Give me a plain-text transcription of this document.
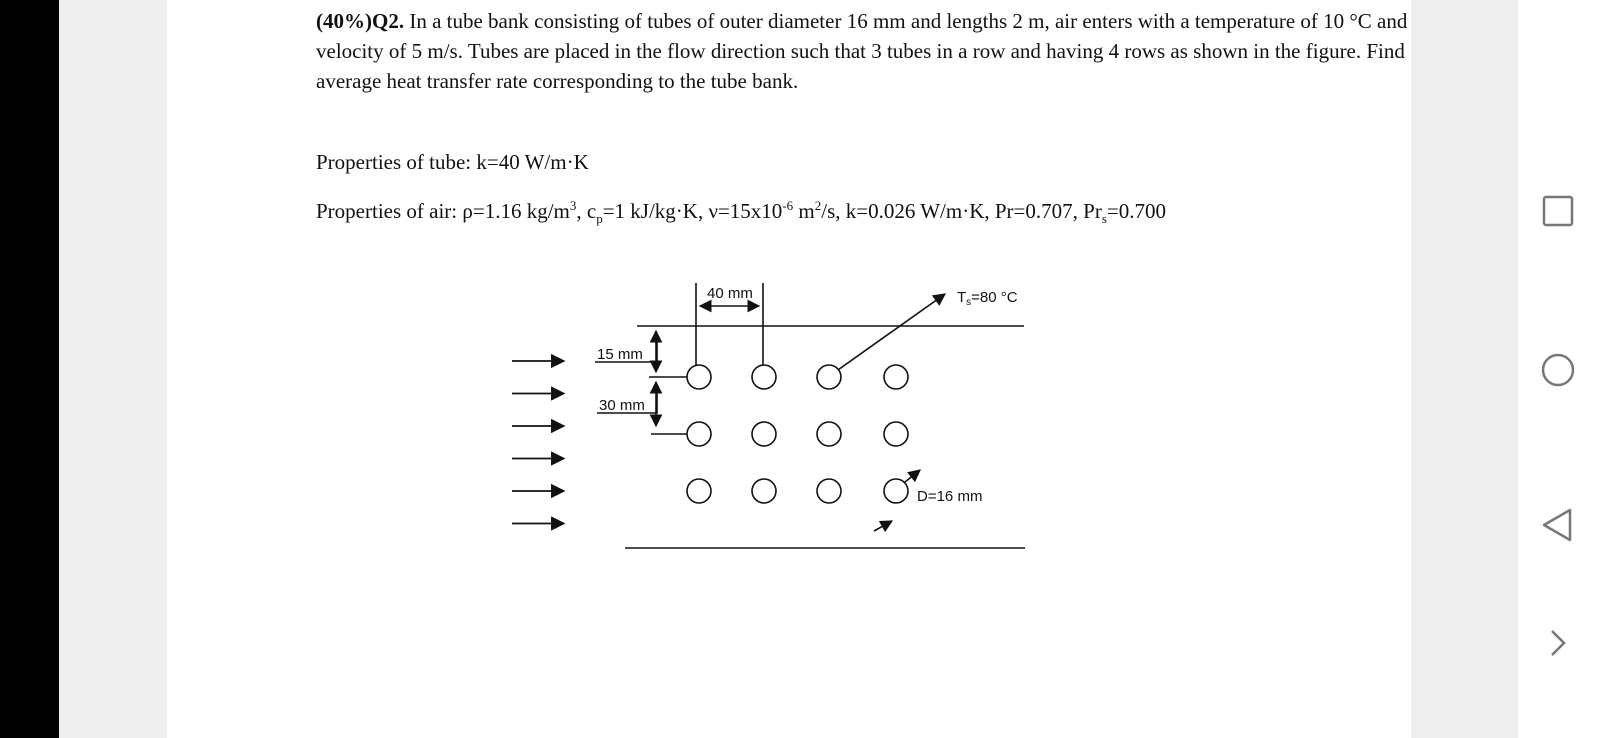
(40%)Q2. In a tube bank consisting of tubes of outer diameter 16 mm and lengths 2 m, air enters with a temperature of 10 °C and velocity of 5 m/s. Tubes are placed in the flow direction such that 3 tubes in a row and having 4 rows as shown in the figure. Find average heat transfer rate corresponding to the tube bank.

Properties of tube: k=40 W/m·K

Properties of air: ρ=1.16 $kg/m^3$, $c_p=1$ kJ/kg·K, $\nu=15x10^{-6}$ $m^2/s$, k=0.026 W/m·K, Pr=0.707, $Pr_s=0.700$

40 mm
15 mm
30 mm
$T_s=80$ °C
D=16 mm
